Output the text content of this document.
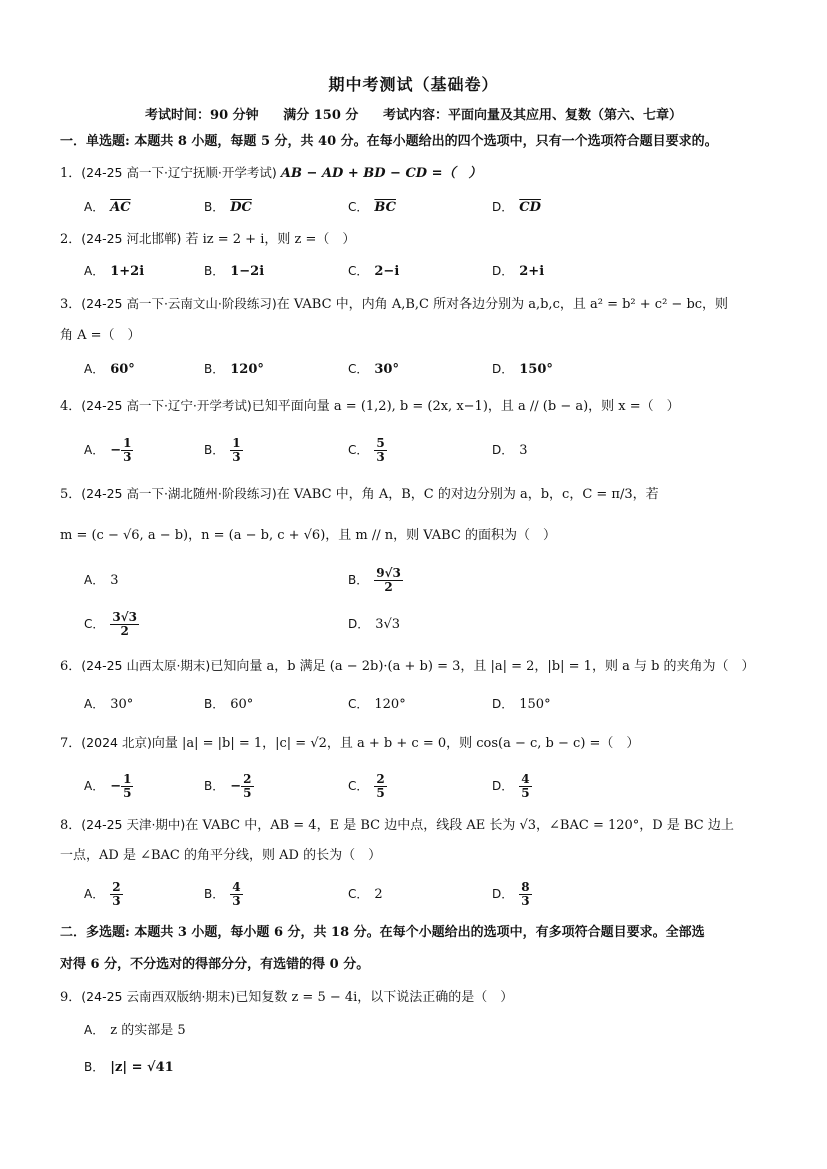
期中考测试（基础卷）
考试时间：90 分钟 满分 150 分 考试内容：平面向量及其应用、复数（第六、七章）
一．单选题: 本题共 8 小题，每题 5 分，共 40 分。在每小题给出的四个选项中，只有一个选项符合题目要求的。
1．(24-25 高一下·辽宁抚顺·开学考试) AB − AD + BD − CD =（　）
A． $\overline{AC}$	B． $\overline{DC}$	C． $\overline{BC}$	D． $\overline{CD}$
2．(24-25 河北邯郸) 若 iz = 2 + i，则 z =（　）
A． 1+2i	B． 1−2i	C． 2−i	D． 2+i
3．(24-25 高一下·云南文山·阶段练习)在 VABC 中，内角 A,B,C 所对各边分别为 a,b,c，且 a² = b² + c² − bc，则
角 A =（　）
A． 60°	B． 120°	C． 30°	D． 150°
4．(24-25 高一下·辽宁·开学考试)已知平面向量 a = (1,2), b = (2x, x−1)，且 a // (b − a)，则 x =（　）
A． − $\frac{1}{3}$	B． $\frac{1}{3}$	C． $\frac{5}{3}$	D． 3
5．(24-25 高一下·湖北随州·阶段练习)在 VABC 中，角 A，B，C 的对边分别为 a，b，c，C = π/3，若
m = (c − √6, a − b)，n = (a − b, c + √6)，且 m // n，则 VABC 的面积为（　）
A． 3	B． $\frac{9√3}{2}$
C． $\frac{3√3}{2}$	D． 3√3
6．(24-25 山西太原·期末)已知向量 a，b 满足 (a − 2b)·(a + b) = 3，且 |a| = 2，|b| = 1，则 a 与 b 的夹角为（　）
A． 30°	B． 60°	C． 120°	D． 150°
7．(2024 北京)向量 |a| = |b| = 1，|c| = √2，且 a + b + c = 0，则 cos(a − c, b − c) =（　）
A． − $\frac{1}{5}$	B． − $\frac{2}{5}$	C． $\frac{2}{5}$	D． $\frac{4}{5}$
8．(24-25 天津·期中)在 VABC 中，AB = 4，E 是 BC 边中点，线段 AE 长为 √3，∠BAC = 120°，D 是 BC 边上
一点，AD 是 ∠BAC 的角平分线，则 AD 的长为（　）
A． $\frac{2}{3}$	B． $\frac{4}{3}$	C． 2	D． $\frac{8}{3}$
二．多选题: 本题共 3 小题，每小题 6 分，共 18 分。在每个小题给出的选项中，有多项符合题目要求。全部选
对得 6 分，不分选对的得部分分，有选错的得 0 分。
9．(24-25 云南西双版纳·期末)已知复数 z = 5 − 4i，以下说法正确的是（　）
A． z 的实部是 5
B． |z| = √41
